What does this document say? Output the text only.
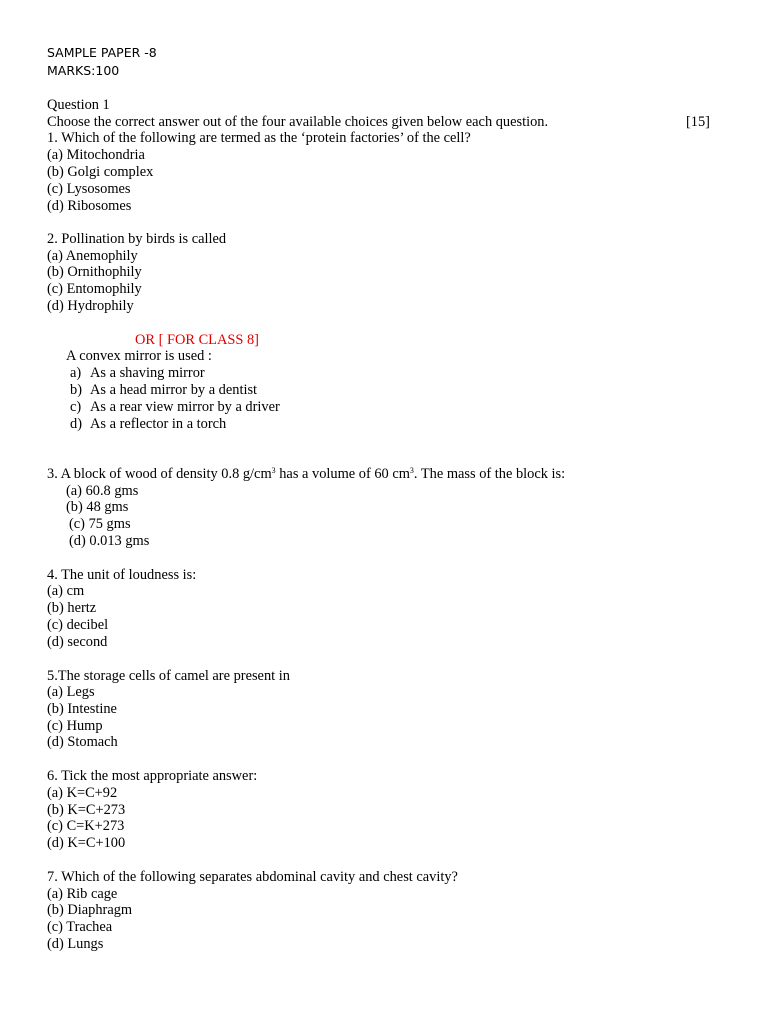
SAMPLE PAPER -8
MARKS:100
Question 1
Choose the correct answer out of the four available choices given below each question.	[15]
1. Which of the following are termed as the ‘protein factories’ of the cell?
(a) Mitochondria
(b) Golgi complex
(c) Lysosomes
(d) Ribosomes
2. Pollination by birds is called
(a) Anemophily
(b) Ornithophily
(c) Entomophily
(d) Hydrophily
OR [ FOR CLASS 8]
A convex mirror is used :
a) As a shaving mirror
b) As a head mirror by a dentist
c) As a rear view mirror by a driver
d) As a reflector in a torch
3. A block of wood of density 0.8 $g/cm^3$ has a volume of 60 $cm^3$. The mass of the block is:
(a) 60.8 gms
(b) 48 gms
(c) 75 gms
(d) 0.013 gms
4. The unit of loudness is:
(a) cm
(b) hertz
(c) decibel
(d) second
5.The storage cells of camel are present in
(a) Legs
(b) Intestine
(c) Hump
(d) Stomach
6. Tick the most appropriate answer:
(a) K=C+92
(b) K=C+273
(c) C=K+273
(d) K=C+100
7. Which of the following separates abdominal cavity and chest cavity?
(a) Rib cage
(b) Diaphragm
(c) Trachea
(d) Lungs
